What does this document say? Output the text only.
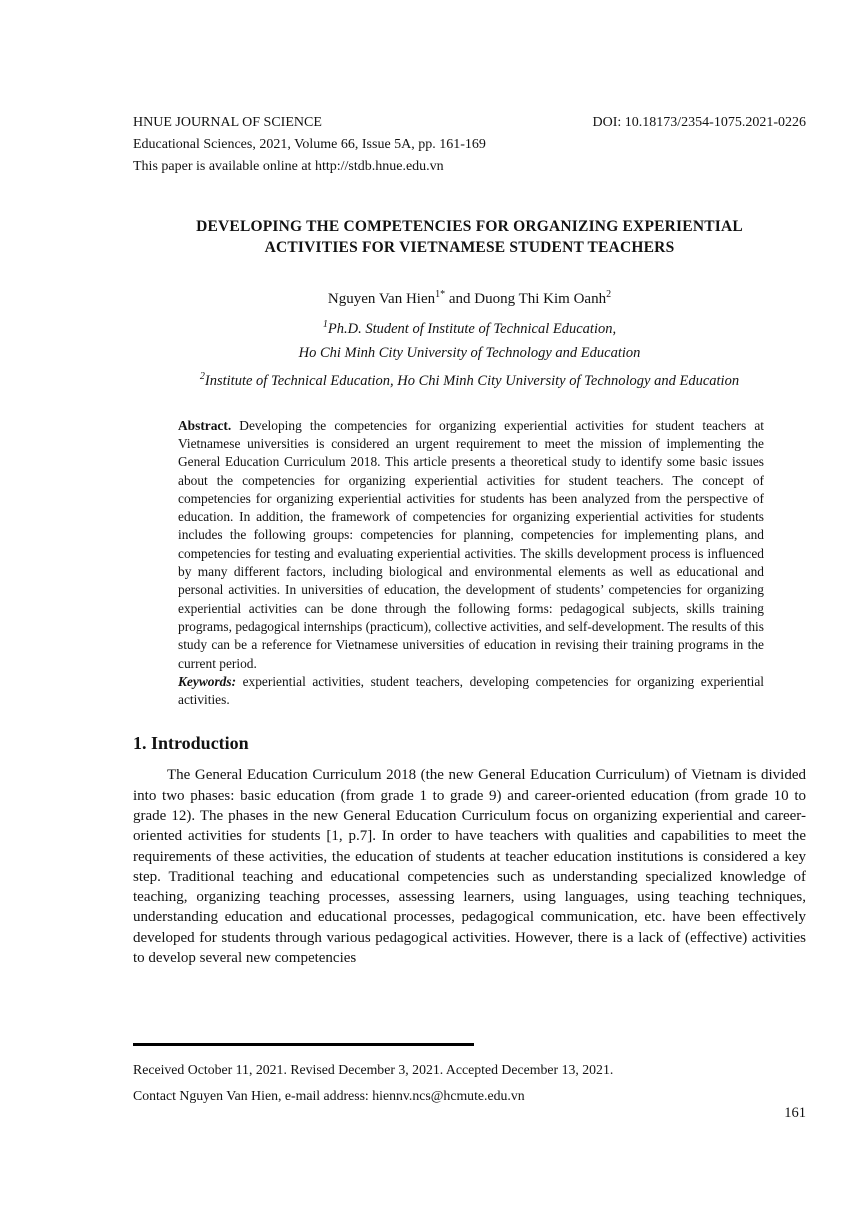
HNUE JOURNAL OF SCIENCE	DOI: 10.18173/2354-1075.2021-0226
Educational Sciences, 2021, Volume 66, Issue 5A, pp. 161-169
This paper is available online at http://stdb.hnue.edu.vn
DEVELOPING THE COMPETENCIES FOR ORGANIZING EXPERIENTIAL
ACTIVITIES FOR VIETNAMESE STUDENT TEACHERS
Nguyen Van Hien$^{1*}$ and Duong Thi Kim Oanh$^2$
$^1$Ph.D. Student of Institute of Technical Education,
Ho Chi Minh City University of Technology and Education
$^2$Institute of Technical Education, Ho Chi Minh City University of Technology and Education
Abstract. Developing the competencies for organizing experiential activities for student teachers at Vietnamese universities is considered an urgent requirement to meet the mission of implementing the General Education Curriculum 2018. This article presents a theoretical study to identify some basic issues about the competencies for organizing experiential activities for student teachers. The concept of competencies for organizing experiential activities for students has been analyzed from the perspective of education. In addition, the framework of competencies for organizing experiential activities for students includes the following groups: competencies for planning, competencies for implementing plans, and competencies for testing and evaluating experiential activities. The skills development process is influenced by many different factors, including biological and environmental elements as well as educational and personal activities. In universities of education, the development of students’ competencies for organizing experiential activities can be done through the following forms: pedagogical subjects, skills training programs, pedagogical internships (practicum), collective activities, and self-development. The results of this study can be a reference for Vietnamese universities of education in revising their training programs in the current period.
Keywords: experiential activities, student teachers, developing competencies for organizing experiential activities.
1. Introduction
The General Education Curriculum 2018 (the new General Education Curriculum) of Vietnam is divided into two phases: basic education (from grade 1 to grade 9) and career-oriented education (from grade 10 to grade 12). The phases in the new General Education Curriculum focus on organizing experiential and career-oriented activities for students [1, p.7]. In order to have teachers with qualities and capabilities to meet the requirements of these activities, the education of students at teacher education institutions is considered a key step. Traditional teaching and educational competencies such as understanding specialized knowledge of teaching, organizing teaching processes, assessing learners, using languages, using teaching techniques, understanding education and educational processes, pedagogical communication, etc. have been effectively developed for students through various pedagogical activities. However, there is a lack of (effective) activities to develop several new competencies
Received October 11, 2021. Revised December 3, 2021. Accepted December 13, 2021.
Contact Nguyen Van Hien, e-mail address: hiennv.ncs@hcmute.edu.vn
161
